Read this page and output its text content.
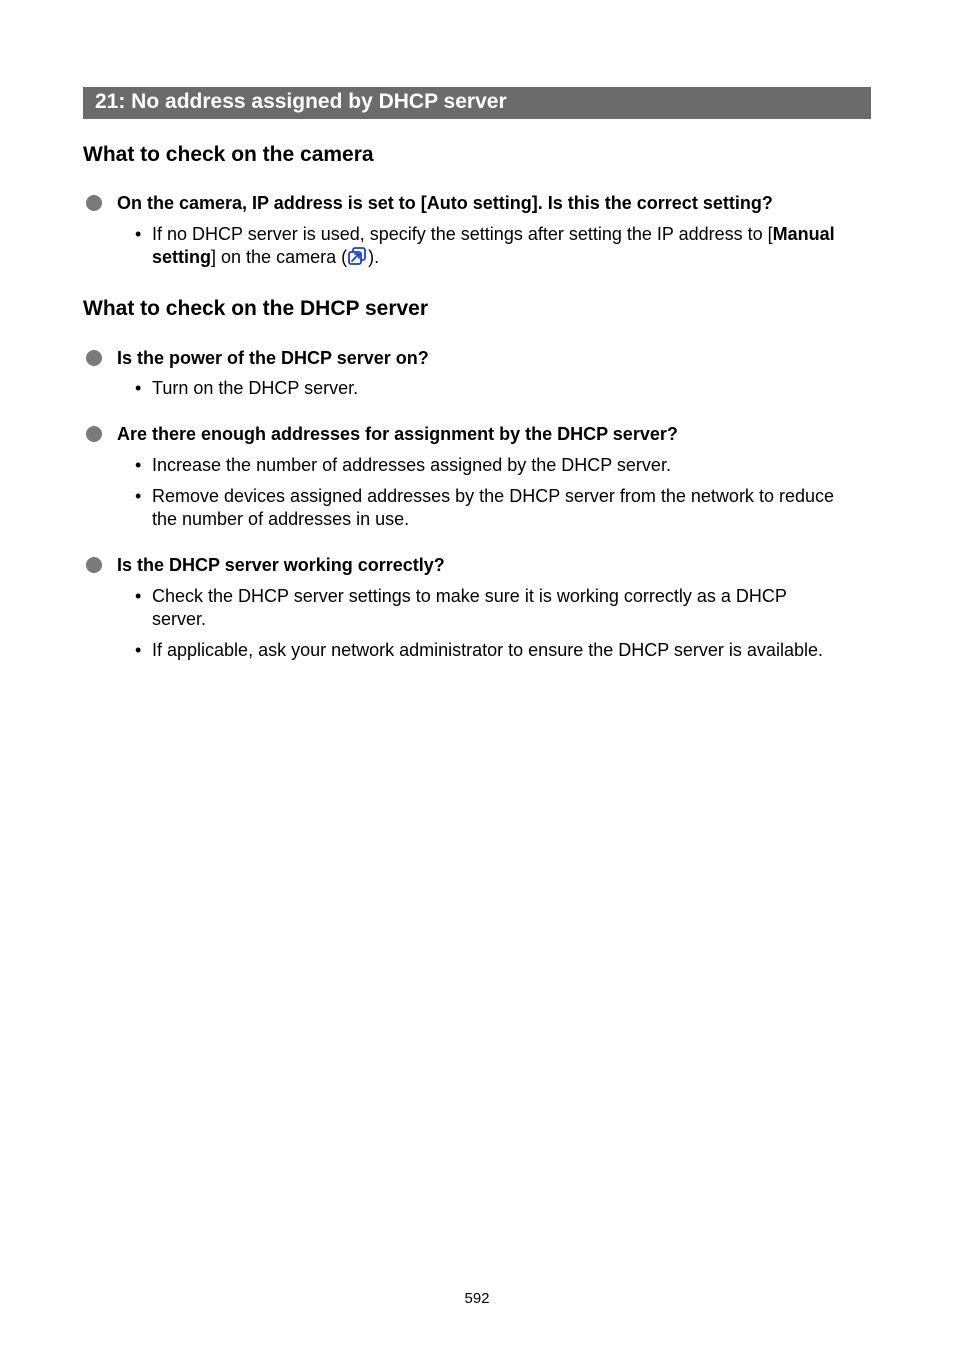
21: No address assigned by DHCP server
What to check on the camera
On the camera, IP address is set to [Auto setting]. Is this the correct setting?
• If no DHCP server is used, specify the settings after setting the IP address to [Manual setting] on the camera ( ).
What to check on the DHCP server
Is the power of the DHCP server on?
• Turn on the DHCP server.
Are there enough addresses for assignment by the DHCP server?
• Increase the number of addresses assigned by the DHCP server.
• Remove devices assigned addresses by the DHCP server from the network to reduce the number of addresses in use.
Is the DHCP server working correctly?
• Check the DHCP server settings to make sure it is working correctly as a DHCP server.
• If applicable, ask your network administrator to ensure the DHCP server is available.
592
